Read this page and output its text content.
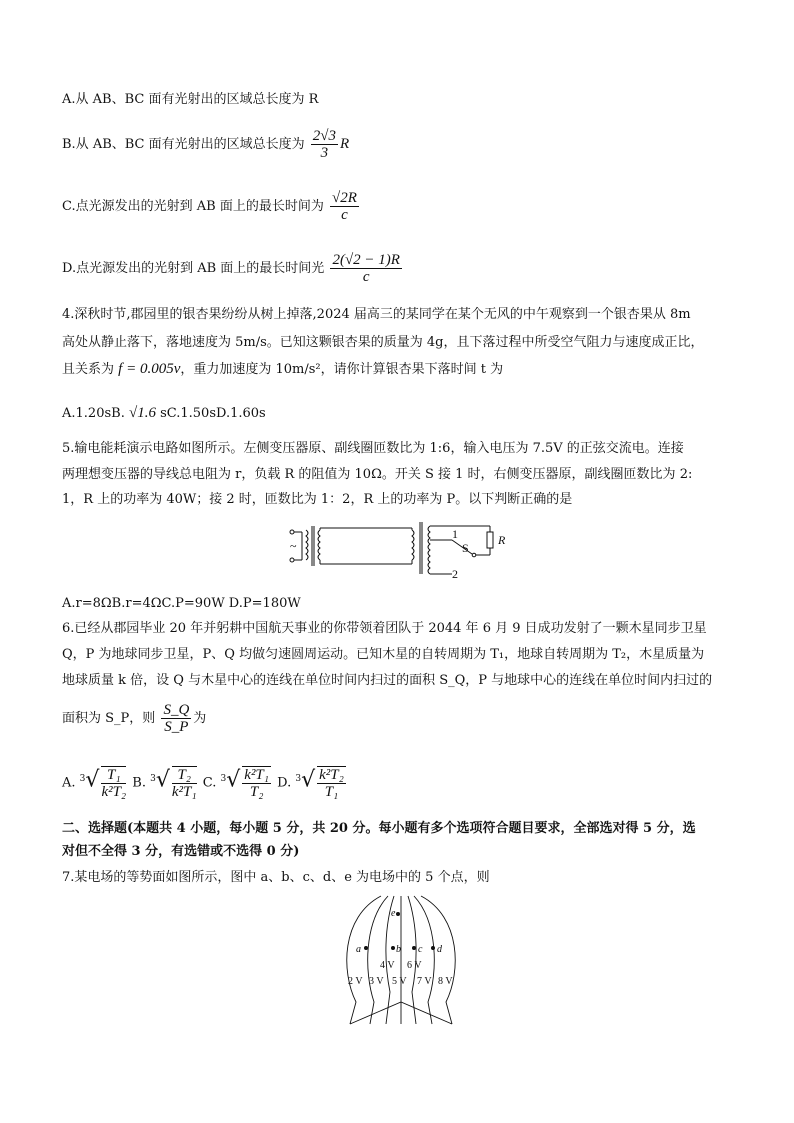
A.从 AB、BC 面有光射出的区域总长度为 R
B.从 AB、BC 面有光射出的区域总长度为 $\frac{2√3}{3}$ R
C.点光源发出的光射到 AB 面上的最长时间为 $\frac{√2R}{c}$
D.点光源发出的光射到 AB 面上的最长时间光 $\frac{2(√2 - 1)R}{c}$
4.深秋时节,郡园里的银杏果纷纷从树上掉落,2024 届高三的某同学在某个无风的中午观察到一个银杏果从 8m
高处从静止落下，落地速度为 5m/s。已知这颗银杏果的质量为 4g，且下落过程中所受空气阻力与速度成正比，
且关系为 f = 0.005v，重力加速度为 10m/s²，请你计算银杏果下落时间 t 为
A.1.20sB. √1.6 sC.1.50sD.1.60s
5.输电能耗演示电路如图所示。左侧变压器原、副线圈匝数比为 1:6，输入电压为 7.5V 的正弦交流电。连接
两理想变压器的导线总电阻为 r，负载 R 的阻值为 10Ω。开关 S 接 1 时，右侧变压器原，副线圈匝数比为 2:
1，R 上的功率为 40W；接 2 时，匝数比为 1：2，R 上的功率为 P。以下判断正确的是
~
1
2
S
R
A.r=8ΩB.r=4ΩC.P=90W D.P=180W
6.已经从郡园毕业 20 年并躬耕中国航天事业的你带领着团队于 2044 年 6 月 9 日成功发射了一颗木星同步卫星
Q，P 为地球同步卫星，P、Q 均做匀速圆周运动。已知木星的自转周期为 T₁，地球自转周期为 T₂，木星质量为
地球质量 k 倍，设 Q 与木星中心的连线在单位时间内扫过的面积 S_Q，P 与地球中心的连线在单位时间内扫过的
面积为 S_P，则 $\frac{S\_Q}{S\_P}$ 为
A. $^3√ \frac{\text{T₁}}{\text{k²T₂}} B$. $^3√ \frac{\text{T₂}}{\text{k²T₁}} C$. $^3√ \frac{\text{k²T₁}}{\text{T₂}} D$. $^3√ \frac{\text{k²T₂}}{\text{T₁}}$
二、选择题(本题共 4 小题，每小题 5 分，共 20 分。每小题有多个选项符合题目要求，全部选对得 5 分，选
对但不全得 3 分，有选错或不选得 0 分)
7.某电场的等势面如图所示，图中 a、b、c、d、e 为电场中的 5 个点，则
a	b c d
e
4 V 6 V
2 V 3 V 5 V 7 V 8 V
